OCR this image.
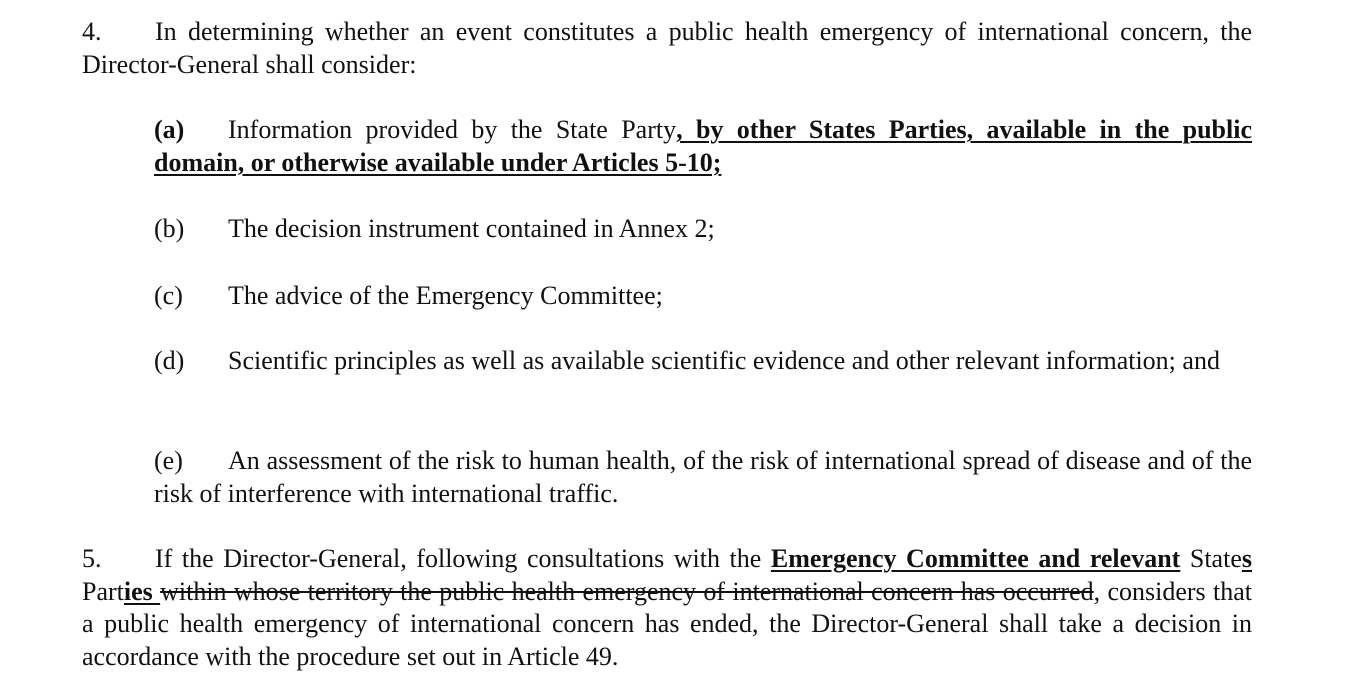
4. In determining whether an event constitutes a public health emergency of international concern, the Director-General shall consider:

(a) Information provided by the State Party, by other States Parties, available in the public domain, or otherwise available under Articles 5-10;

(b) The decision instrument contained in Annex 2;

(c) The advice of the Emergency Committee;

(d) Scientific principles as well as available scientific evidence and other relevant information; and

(e) An assessment of the risk to human health, of the risk of international spread of disease and of the risk of interference with international traffic.

5. If the Director-General, following consultations with the Emergency Committee and relevant States Parties within whose territory the public health emergency of international concern has occurred, considers that a public health emergency of international concern has ended, the Director-General shall take a decision in accordance with the procedure set out in Article 49.
